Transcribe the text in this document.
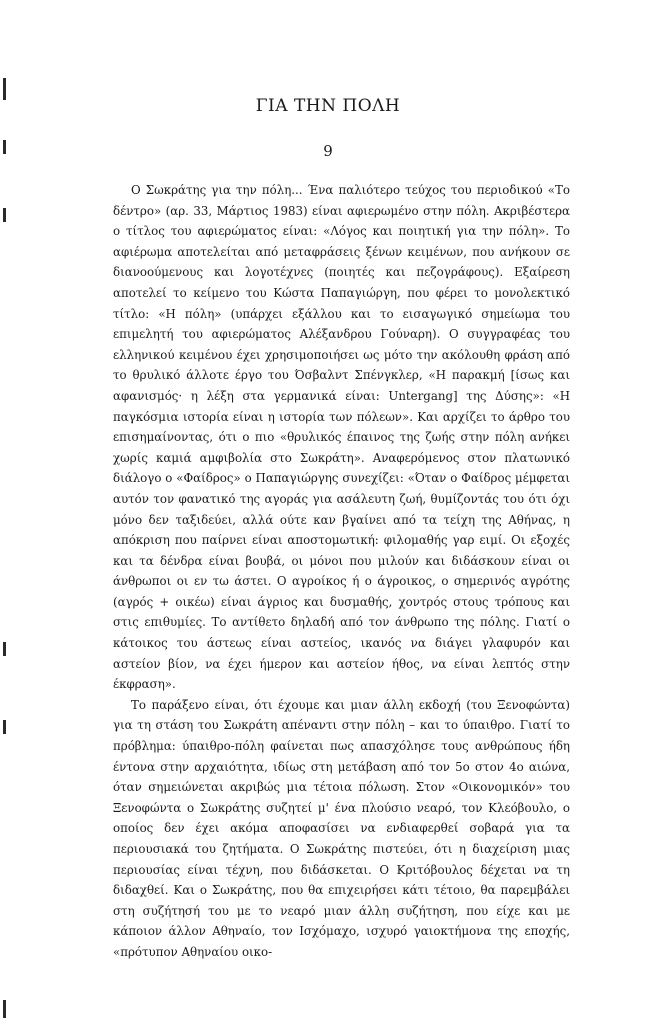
ΓΙΑ ΤΗΝ ΠΟΛΗ
9

Ο Σωκράτης για την πόλη... Ένα παλιότερο τεύχος του περιοδικού «Το δέντρο» (αρ. 33, Μάρτιος 1983) είναι αφιερωμένο στην πόλη. Ακριβέστερα ο τίτλος του αφιερώματος είναι: «Λόγος και ποιητική για την πόλη». Το αφιέρωμα αποτελείται από μεταφράσεις ξένων κειμένων, που ανήκουν σε διανοούμενους και λογοτέχνες (ποιητές και πεζογράφους). Εξαίρεση αποτελεί το κείμενο του Κώστα Παπαγιώργη, που φέρει το μονολεκτικό τίτλο: «Η πόλη» (υπάρχει εξάλλου και το εισαγωγικό σημείωμα του επιμελητή του αφιερώματος Αλέξανδρου Γούναρη). Ο συγγραφέας του ελληνικού κειμένου έχει χρησιμοποιήσει ως μότο την ακόλουθη φράση από το θρυλικό άλλοτε έργο του Όσβαλντ Σπένγκλερ, «Η παρακμή [ίσως και αφανισμός· η λέξη στα γερμανικά είναι: Untergang] της Δύσης»: «Η παγκόσμια ιστορία είναι η ιστορία των πόλεων». Και αρχίζει το άρθρο του επισημαίνοντας, ότι ο πιο «θρυλικός έπαινος της ζωής στην πόλη ανήκει χωρίς καμιά αμφιβολία στο Σωκράτη». Αναφερόμενος στον πλατωνικό διάλογο ο «Φαίδρος» ο Παπαγιώργης συνεχίζει: «Όταν ο Φαίδρος μέμφεται αυτόν τον φανατικό της αγοράς για ασάλευτη ζωή, θυμίζοντάς του ότι όχι μόνο δεν ταξιδεύει, αλλά ούτε καν βγαίνει από τα τείχη της Αθήνας, η απόκριση που παίρνει είναι αποστομωτική: φιλομαθής γαρ ειμί. Οι εξοχές και τα δένδρα είναι βουβά, οι μόνοι που μιλούν και διδάσκουν είναι οι άνθρωποι οι εν τω άστει. Ο αγροίκος ή ο άγροικος, ο σημερινός αγρότης (αγρός + οικέω) είναι άγριος και δυσμαθής, χοντρός στους τρόπους και στις επιθυμίες. Το αντίθετο δηλαδή από τον άνθρωπο της πόλης. Γιατί ο κάτοικος του άστεως είναι αστείος, ικανός να διάγει γλαφυρόν και αστείον βίον, να έχει ήμερον και αστείον ήθος, να είναι λεπτός στην έκφραση».

Το παράξενο είναι, ότι έχουμε και μιαν άλλη εκδοχή (του Ξενοφώντα) για τη στάση του Σωκράτη απέναντι στην πόλη – και το ύπαιθρο. Γιατί το πρόβλημα: ύπαιθρο-πόλη φαίνεται πως απασχόλησε τους ανθρώπους ήδη έντονα στην αρχαιότητα, ιδίως στη μετάβαση από τον 5ο στον 4ο αιώνα, όταν σημειώνεται ακριβώς μια τέτοια πόλωση. Στον «Οικονομικόν» του Ξενοφώντα ο Σωκράτης συζητεί μ' ένα πλούσιο νεαρό, τον Κλεόβουλο, ο οποίος δεν έχει ακόμα αποφασίσει να ενδιαφερθεί σοβαρά για τα περιουσιακά του ζητήματα. Ο Σωκράτης πιστεύει, ότι η διαχείριση μιας περιουσίας είναι τέχνη, που διδάσκεται. Ο Κριτόβουλος δέχεται να τη διδαχθεί. Και ο Σωκράτης, που θα επιχειρήσει κάτι τέτοιο, θα παρεμβάλει στη συζήτησή του με το νεαρό μιαν άλλη συζήτηση, που είχε και με κάποιον άλλον Αθηναίο, τον Ισχόμαχο, ισχυρό γαιοκτήμονα της εποχής, «πρότυπον Αθηναίου οικο-
